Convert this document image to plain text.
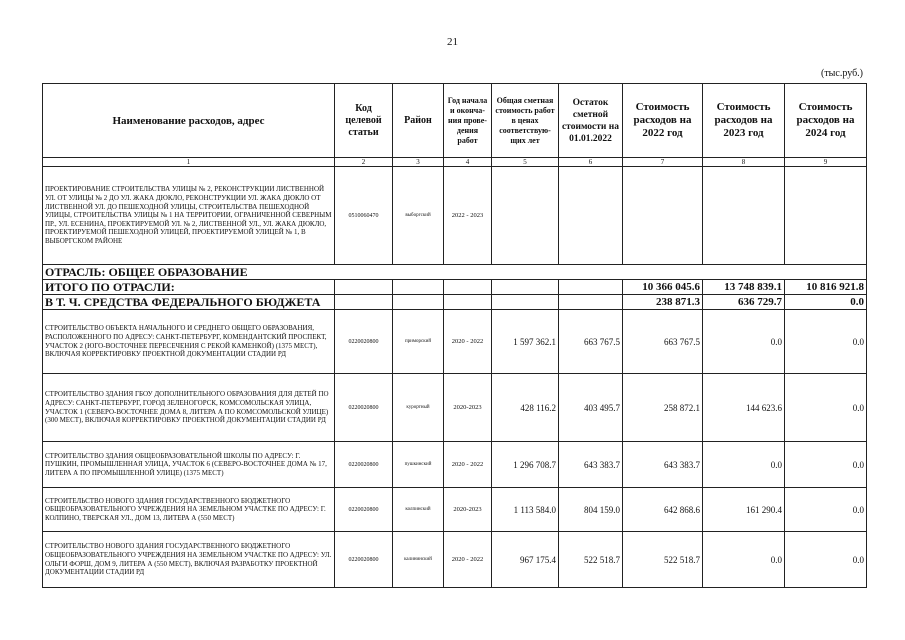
21
(тыс.руб.)
Наименование расходов, адрес	Код целевой статьи	Район	Год начала и оконча-ния прове-дения работ	Общая сметная стоимость работ в ценах соответствую-щих лет	Остаток сметной стоимости на 01.01.2022	Стоимость расходов на 2022 год	Стоимость расходов на 2023 год	Стоимость расходов на 2024 год
1	2	3	4	5	6	7	8	9
ПРОЕКТИРОВАНИЕ СТРОИТЕЛЬСТВА УЛИЦЫ № 2, РЕКОНСТРУКЦИИ ЛИСТВЕННОЙ УЛ. ОТ УЛИЦЫ № 2 ДО УЛ. ЖАКА ДЮКЛО, РЕКОНСТРУКЦИИ УЛ. ЖАКА ДЮКЛО ОТ ЛИСТВЕННОЙ УЛ. ДО ПЕШЕХОДНОЙ УЛИЦЫ, СТРОИТЕЛЬСТВА ПЕШЕХОДНОЙ УЛИЦЫ, СТРОИТЕЛЬСТВА УЛИЦЫ № 1 НА ТЕРРИТОРИИ, ОГРАНИЧЕННОЙ СЕВЕРНЫМ ПР., УЛ. ЕСЕНИНА, ПРОЕКТИРУЕМОЙ УЛ. № 2, ЛИСТВЕННОЙ УЛ., УЛ. ЖАКА ДЮКЛО, ПРОЕКТИРУЕМОЙ ПЕШЕХОДНОЙ УЛИЦЕЙ, ПРОЕКТИРУЕМОЙ УЛИЦЕЙ № 1, В ВЫБОРГСКОМ РАЙОНЕ	0510060470	выборгский	2022 - 2023					
ОТРАСЛЬ: ОБЩЕЕ ОБРАЗОВАНИЕ								
ИТОГО ПО ОТРАСЛИ:						10 366 045.6	13 748 839.1	10 816 921.8
В Т. Ч. СРЕДСТВА ФЕДЕРАЛЬНОГО БЮДЖЕТА						238 871.3	636 729.7	0.0
СТРОИТЕЛЬСТВО ОБЪЕКТА НАЧАЛЬНОГО И СРЕДНЕГО ОБЩЕГО ОБРАЗОВАНИЯ, РАСПОЛОЖЕННОГО ПО АДРЕСУ: САНКТ-ПЕТЕРБУРГ, КОМЕНДАНТСКИЙ ПРОСПЕКТ, УЧАСТОК 2 (ЮГО-ВОСТОЧНЕЕ ПЕРЕСЕЧЕНИЯ С РЕКОЙ КАМЕНКОЙ) (1375 МЕСТ), ВКЛЮЧАЯ КОРРЕКТИРОВКУ ПРОЕКТНОЙ ДОКУМЕНТАЦИИ СТАДИИ РД	0220020800	приморский	2020 - 2022	1 597 362.1	663 767.5	663 767.5	0.0	0.0
СТРОИТЕЛЬСТВО ЗДАНИЯ ГБОУ ДОПОЛНИТЕЛЬНОГО ОБРАЗОВАНИЯ ДЛЯ ДЕТЕЙ ПО АДРЕСУ: САНКТ-ПЕТЕРБУРГ, ГОРОД ЗЕЛЕНОГОРСК, КОМСОМОЛЬСКАЯ УЛИЦА, УЧАСТОК 1 (СЕВЕРО-ВОСТОЧНЕЕ ДОМА 8, ЛИТЕРА А ПО КОМСОМОЛЬСКОЙ УЛИЦЕ) (300 МЕСТ), ВКЛЮЧАЯ КОРРЕКТИРОВКУ ПРОЕКТНОЙ ДОКУМЕНТАЦИИ СТАДИИ РД	0220020800	курортный	2020-2023	428 116.2	403 495.7	258 872.1	144 623.6	0.0
СТРОИТЕЛЬСТВО ЗДАНИЯ ОБЩЕОБРАЗОВАТЕЛЬНОЙ ШКОЛЫ ПО АДРЕСУ: Г. ПУШКИН, ПРОМЫШЛЕННАЯ УЛИЦА, УЧАСТОК 6 (СЕВЕРО-ВОСТОЧНЕЕ ДОМА № 17, ЛИТЕРА А ПО ПРОМЫШЛЕННОЙ УЛИЦЕ) (1375 МЕСТ)	0220020800	пушкинский	2020 - 2022	1 296 708.7	643 383.7	643 383.7	0.0	0.0
СТРОИТЕЛЬСТВО НОВОГО ЗДАНИЯ ГОСУДАРСТВЕННОГО БЮДЖЕТНОГО ОБЩЕОБРАЗОВАТЕЛЬНОГО УЧРЕЖДЕНИЯ НА ЗЕМЕЛЬНОМ УЧАСТКЕ ПО АДРЕСУ: Г. КОЛПИНО, ТВЕРСКАЯ УЛ., ДОМ 13, ЛИТЕРА А (550 МЕСТ)	0220020800	колпинский	2020-2023	1 113 584.0	804 159.0	642 868.6	161 290.4	0.0
СТРОИТЕЛЬСТВО НОВОГО ЗДАНИЯ ГОСУДАРСТВЕННОГО БЮДЖЕТНОГО ОБЩЕОБРАЗОВАТЕЛЬНОГО УЧРЕЖДЕНИЯ НА ЗЕМЕЛЬНОМ УЧАСТКЕ ПО АДРЕСУ: УЛ. ОЛЬГИ ФОРШ, ДОМ 9, ЛИТЕРА А (550 МЕСТ), ВКЛЮЧАЯ РАЗРАБОТКУ ПРОЕКТНОЙ ДОКУМЕНТАЦИИ СТАДИИ РД	0220020800	калининский	2020 - 2022	967 175.4	522 518.7	522 518.7	0.0	0.0
